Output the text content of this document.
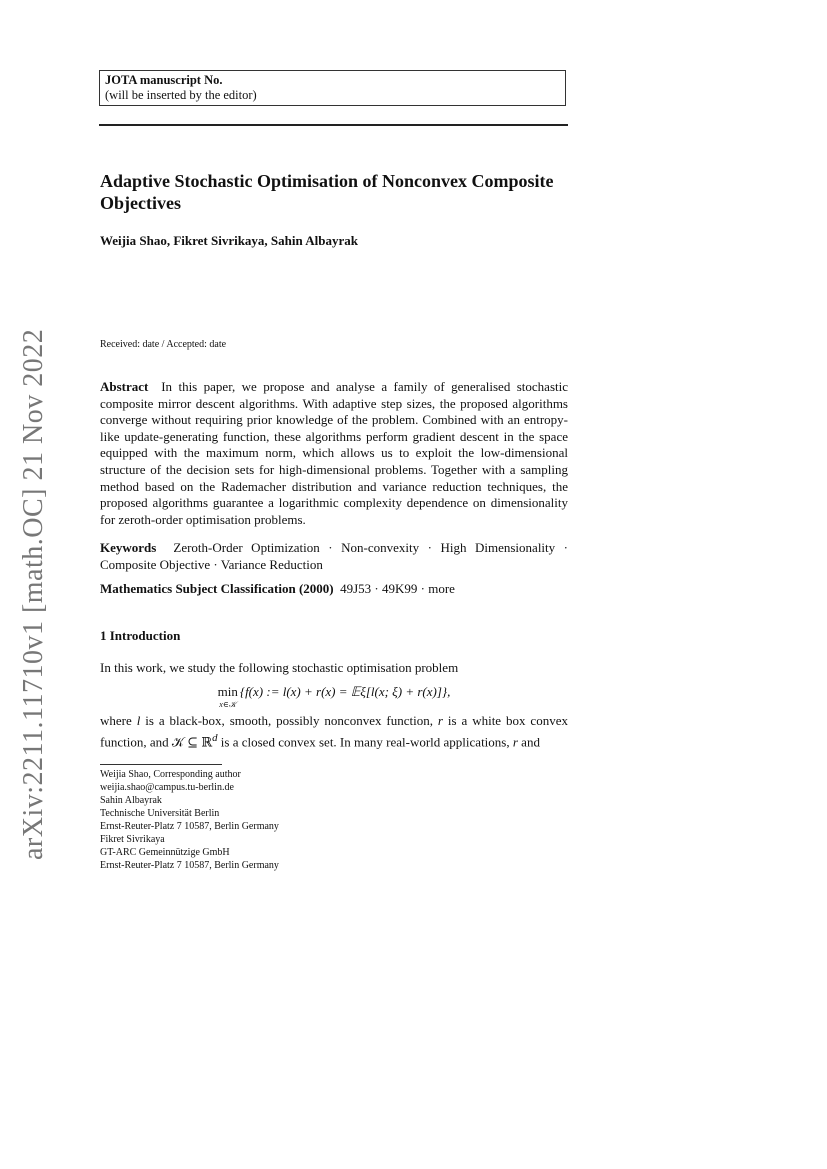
JOTA manuscript No.
(will be inserted by the editor)
Adaptive Stochastic Optimisation of Nonconvex Composite Objectives
Weijia Shao, Fikret Sivrikaya, Sahin Albayrak
Received: date / Accepted: date
Abstract In this paper, we propose and analyse a family of generalised stochastic composite mirror descent algorithms. With adaptive step sizes, the proposed algorithms converge without requiring prior knowledge of the problem. Combined with an entropy-like update-generating function, these algorithms perform gradient descent in the space equipped with the maximum norm, which allows us to exploit the low-dimensional structure of the decision sets for high-dimensional problems. Together with a sampling method based on the Rademacher distribution and variance reduction techniques, the proposed algorithms guarantee a logarithmic complexity dependence on dimensionality for zeroth-order optimisation problems.
Keywords Zeroth-Order Optimization · Non-convexity · High Dimensionality · Composite Objective · Variance Reduction
Mathematics Subject Classification (2000) 49J53 · 49K99 · more
1 Introduction
In this work, we study the following stochastic optimisation problem
min
x∈𝒦
{f(x) := l(x) + r(x) = 𝔼ξ[l(x; ξ) + r(x)]},
where l is a black-box, smooth, possibly nonconvex function, r is a white box convex function, and 𝒦 ⊆ ℝ$^d$ is a closed convex set. In many real-world applications, r and
Weijia Shao, Corresponding author
weijia.shao@campus.tu-berlin.de
Sahin Albayrak
Technische Universität Berlin
Ernst-Reuter-Platz 7 10587, Berlin Germany
Fikret Sivrikaya
GT-ARC Gemeinnützige GmbH
Ernst-Reuter-Platz 7 10587, Berlin Germany
arXiv:2211.11710v1 [math.OC] 21 Nov 2022
